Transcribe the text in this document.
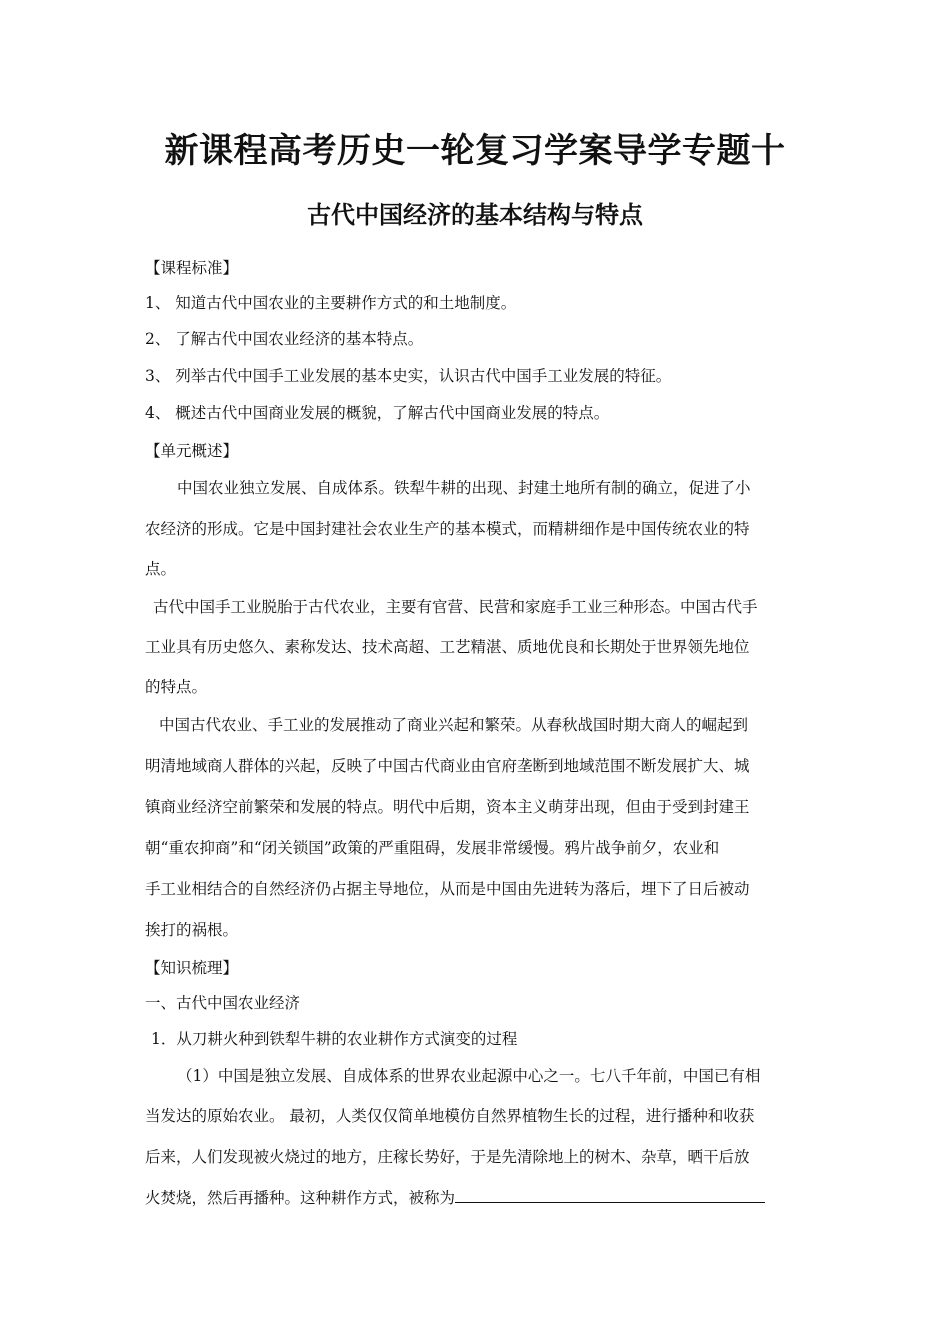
新课程高考历史一轮复习学案导学专题十
古代中国经济的基本结构与特点
【课程标准】
1、 知道古代中国农业的主要耕作方式的和土地制度。
2、 了解古代中国农业经济的基本特点。
3、 列举古代中国手工业发展的基本史实，认识古代中国手工业发展的特征。
4、 概述古代中国商业发展的概貌，了解古代中国商业发展的特点。
【单元概述】
中国农业独立发展、自成体系。铁犁牛耕的出现、封建土地所有制的确立，促进了小
农经济的形成。它是中国封建社会农业生产的基本模式，而精耕细作是中国传统农业的特
点。
古代中国手工业脱胎于古代农业，主要有官营、民营和家庭手工业三种形态。中国古代手
工业具有历史悠久、素称发达、技术高超、工艺精湛、质地优良和长期处于世界领先地位
的特点。
中国古代农业、手工业的发展推动了商业兴起和繁荣。从春秋战国时期大商人的崛起到
明清地域商人群体的兴起，反映了中国古代商业由官府垄断到地域范围不断发展扩大、城
镇商业经济空前繁荣和发展的特点。明代中后期，资本主义萌芽出现，但由于受到封建王
朝“重农抑商”和“闭关锁国”政策的严重阻碍，发展非常缓慢。鸦片战争前夕，农业和
手工业相结合的自然经济仍占据主导地位，从而是中国由先进转为落后，埋下了日后被动
挨打的祸根。
【知识梳理】
一、古代中国农业经济
1．从刀耕火种到铁犁牛耕的农业耕作方式演变的过程
（1）中国是独立发展、自成体系的世界农业起源中心之一。七八千年前，中国已有相
当发达的原始农业。 最初，人类仅仅简单地模仿自然界植物生长的过程，进行播种和收获
后来，人们发现被火烧过的地方，庄稼长势好，于是先清除地上的树木、杂草，晒干后放
火焚烧，然后再播种。这种耕作方式，被称为
